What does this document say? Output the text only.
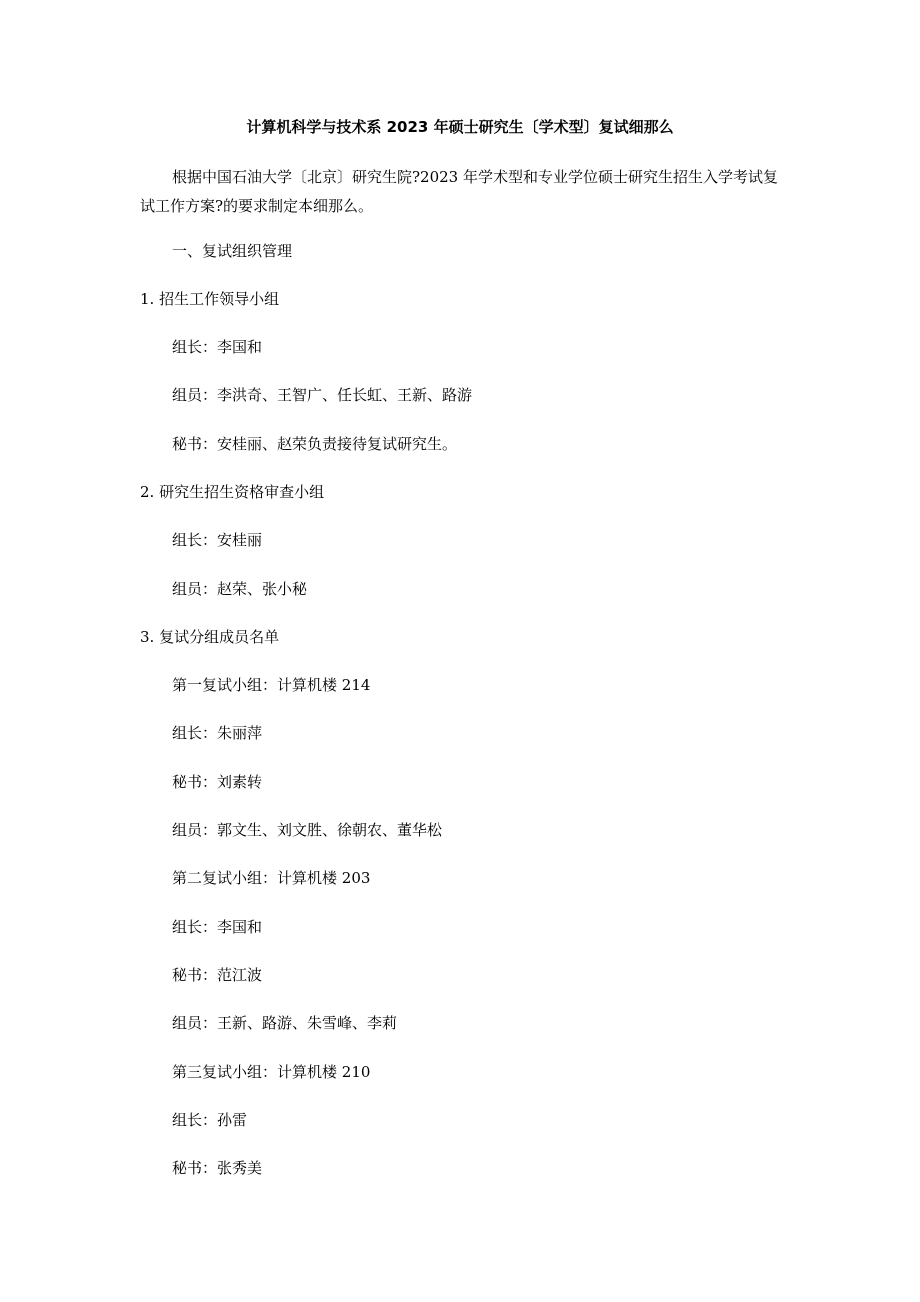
计算机科学与技术系 2023 年硕士研究生〔学术型〕复试细那么
根据中国石油大学〔北京〕研究生院?2023 年学术型和专业学位硕士研究生招生入学考试复试工作方案?的要求制定本细那么。
一、复试组织管理
1. 招生工作领导小组
组长：李国和
组员：李洪奇、王智广、任长虹、王新、路游
秘书：安桂丽、赵荣负责接待复试研究生。
2. 研究生招生资格审查小组
组长：安桂丽
组员：赵荣、张小秘
3. 复试分组成员名单
第一复试小组：计算机楼 214
组长：朱丽萍
秘书：刘素转
组员：郭文生、刘文胜、徐朝农、董华松
第二复试小组：计算机楼 203
组长：李国和
秘书：范江波
组员：王新、路游、朱雪峰、李莉
第三复试小组：计算机楼 210
组长：孙雷
秘书：张秀美
